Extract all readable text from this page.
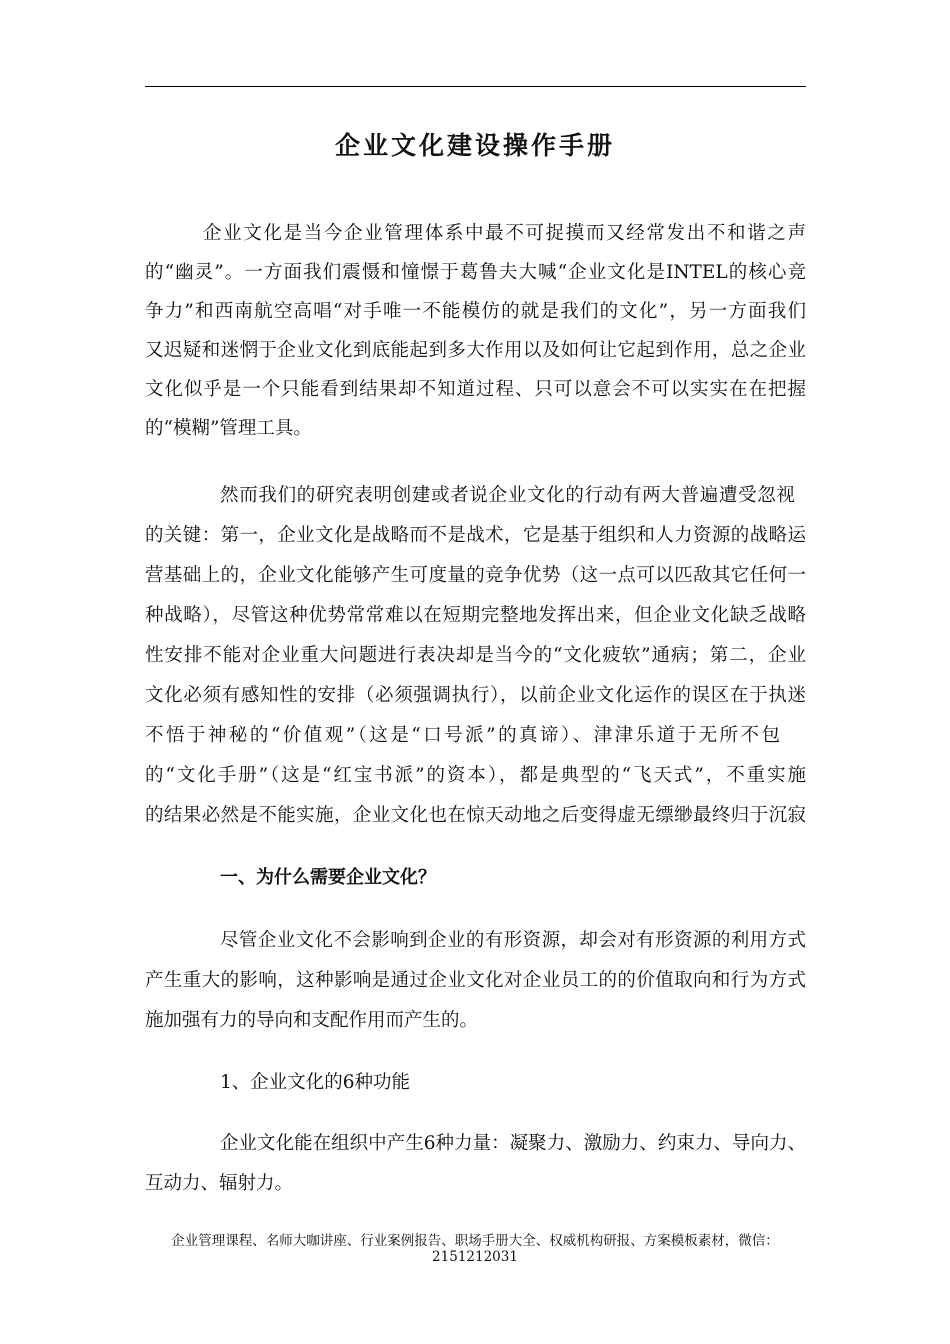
企业文化建设操作手册
企业文化是当今企业管理体系中最不可捉摸而又经常发出不和谐之声
的“幽灵”。一方面我们震慑和憧憬于葛鲁夫大喊“企业文化是INTEL的核心竞
争力”和西南航空高唱“对手唯一不能模仿的就是我们的文化”，另一方面我们
又迟疑和迷惘于企业文化到底能起到多大作用以及如何让它起到作用，总之企业
文化似乎是一个只能看到结果却不知道过程、只可以意会不可以实实在在把握
的“模糊”管理工具。
然而我们的研究表明创建或者说企业文化的行动有两大普遍遭受忽视
的关键：第一，企业文化是战略而不是战术，它是基于组织和人力资源的战略运
营基础上的，企业文化能够产生可度量的竞争优势（这一点可以匹敌其它任何一
种战略），尽管这种优势常常难以在短期完整地发挥出来，但企业文化缺乏战略
性安排不能对企业重大问题进行表决却是当今的“文化疲软”通病；第二，企业
文化必须有感知性的安排（必须强调执行），以前企业文化运作的误区在于执迷
不悟于神秘的“价值观”（这是“口号派”的真谛）、津津乐道于无所不包
的“文化手册”（这是“红宝书派”的资本），都是典型的“飞天式”，不重实施
的结果必然是不能实施，企业文化也在惊天动地之后变得虚无缥缈最终归于沉寂
一、为什么需要企业文化？
尽管企业文化不会影响到企业的有形资源，却会对有形资源的利用方式
产生重大的影响，这种影响是通过企业文化对企业员工的的价值取向和行为方式
施加强有力的导向和支配作用而产生的。
1、企业文化的6种功能
企业文化能在组织中产生6种力量：凝聚力、激励力、约束力、导向力、
互动力、辐射力。
企业管理课程、名师大咖讲座、行业案例报告、职场手册大全、权威机构研报、方案模板素材，微信：
2151212031
